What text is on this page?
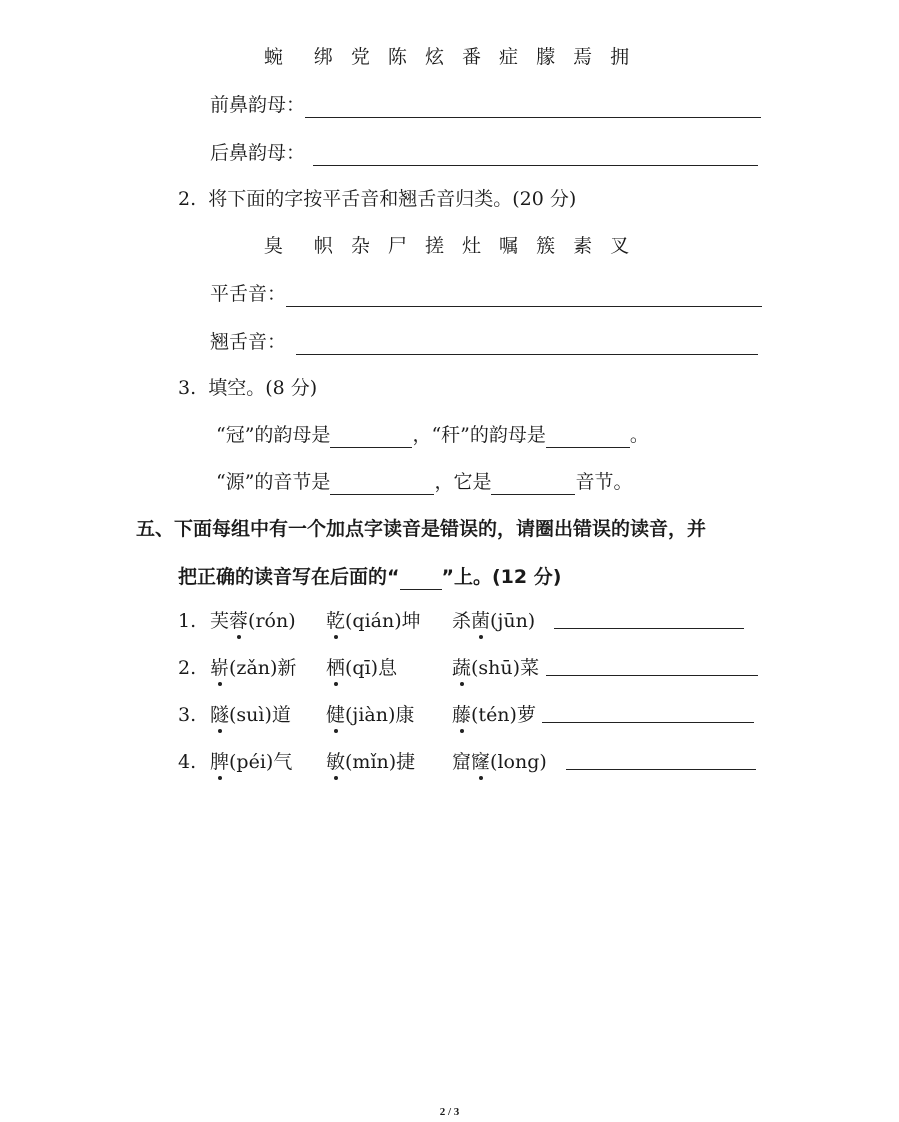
蜿　绑 党 陈 炫 番 症 朦 焉 拥
前鼻韵母：
后鼻韵母：
2. 将下面的字按平舌音和翘舌音归类。(20 分)
臭　帜 杂 尸 搓 灶 嘱 簇 素 叉
平舌音：
翘舌音：
3. 填空。(8 分)
“冠”的韵母是	，“秆”的韵母是	。
“源”的音节是	，它是	音节。
五、下面每组中有一个加点字读音是错误的，请圈出错误的读音，并
把正确的读音写在后面的“ ”上。(12 分)
1. 芙蓉(rón) 乾(qián)坤 杀菌(jūn)
2. 崭(zǎn)新 栖(qī)息	蔬(shū)菜
3. 隧(suì)道 健(jiàn)康 藤(tén)萝
4. 脾(péi)气 敏(mǐn)捷 窟窿(long)
2 / 3
